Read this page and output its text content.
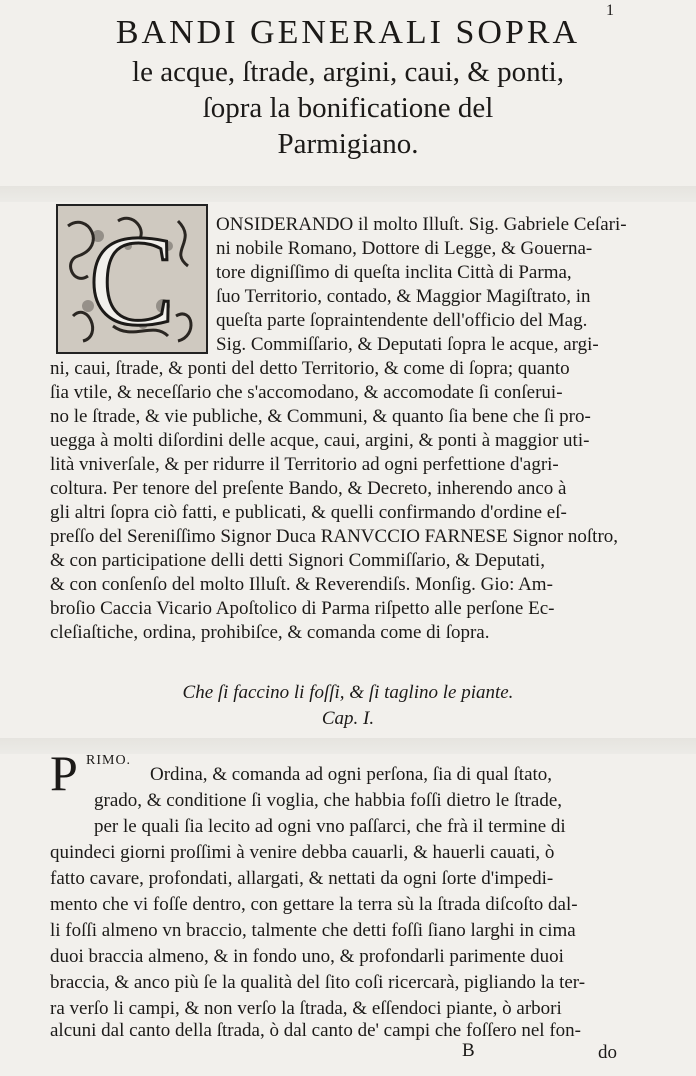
1
BANDI GENERALI SOPRA
le acque, ſtrade, argini, caui, & ponti,
ſopra la bonificatione del
Parmigiano.
C ONSIDERANDO il molto Illuſt. Sig. Gabriele Ceſari-
ni nobile Romano, Dottore di Legge, & Gouerna-
tore digniſſimo di queſta inclita Città di Parma,
ſuo Territorio, contado, & Maggior Magiſtrato, in
queſta parte ſopraintendente dell'officio del Mag.
Sig. Commiſſario, & Deputati ſopra le acque, argi-
ni, caui, ſtrade, & ponti del detto Territorio, & come di ſopra; quanto
ſia vtile, & neceſſario che s'accomodano, & accomodate ſi conſerui-
no le ſtrade, & vie publiche, & Communi, & quanto ſia bene che ſi pro-
uegga à molti diſordini delle acque, caui, argini, & ponti à maggior uti-
lità vniverſale, & per ridurre il Territorio ad ogni perfettione d'agri-
coltura. Per tenore del preſente Bando, & Decreto, inherendo anco à
gli altri ſopra ciò fatti, e publicati, & quelli confirmando d'ordine eſ-
preſſo del Sereniſſimo Signor Duca RANVCCIO FARNESE Signor noſtro,
& con participatione delli detti Signori Commiſſario, & Deputati,
& con conſenſo del molto Illuſt. & Reverendiſs. Monſig. Gio: Am-
broſio Caccia Vicario Apoſtolico di Parma riſpetto alle perſone Ec-
cleſiaſtiche, ordina, prohibiſce, & comanda come di ſopra.
Che ſi faccino li foſſi, & ſi taglino le piante.
Cap. I.
P RIMO.
Ordina, & comanda ad ogni perſona, ſia di qual ſtato,
grado, & conditione ſi voglia, che habbia foſſi dietro le ſtrade,
per le quali ſia lecito ad ogni vno paſſarci, che frà il termine di
quindeci giorni proſſimi à venire debba cauarli, & hauerli cauati, ò
fatto cavare, profondati, allargati, & nettati da ogni ſorte d'impedi-
mento che vi foſſe dentro, con gettare la terra sù la ſtrada diſcoſto dal-
li foſſi almeno vn braccio, talmente che detti foſſi ſiano larghi in cima
duoi braccia almeno, & in fondo uno, & profondarli parimente duoi
braccia, & anco più ſe la qualità del ſito coſi ricercarà, pigliando la ter-
ra verſo li campi, & non verſo la ſtrada, & eſſendoci piante, ò arbori
alcuni dal canto della ſtrada, ò dal canto de' campi che foſſero nel fon-
B	do
